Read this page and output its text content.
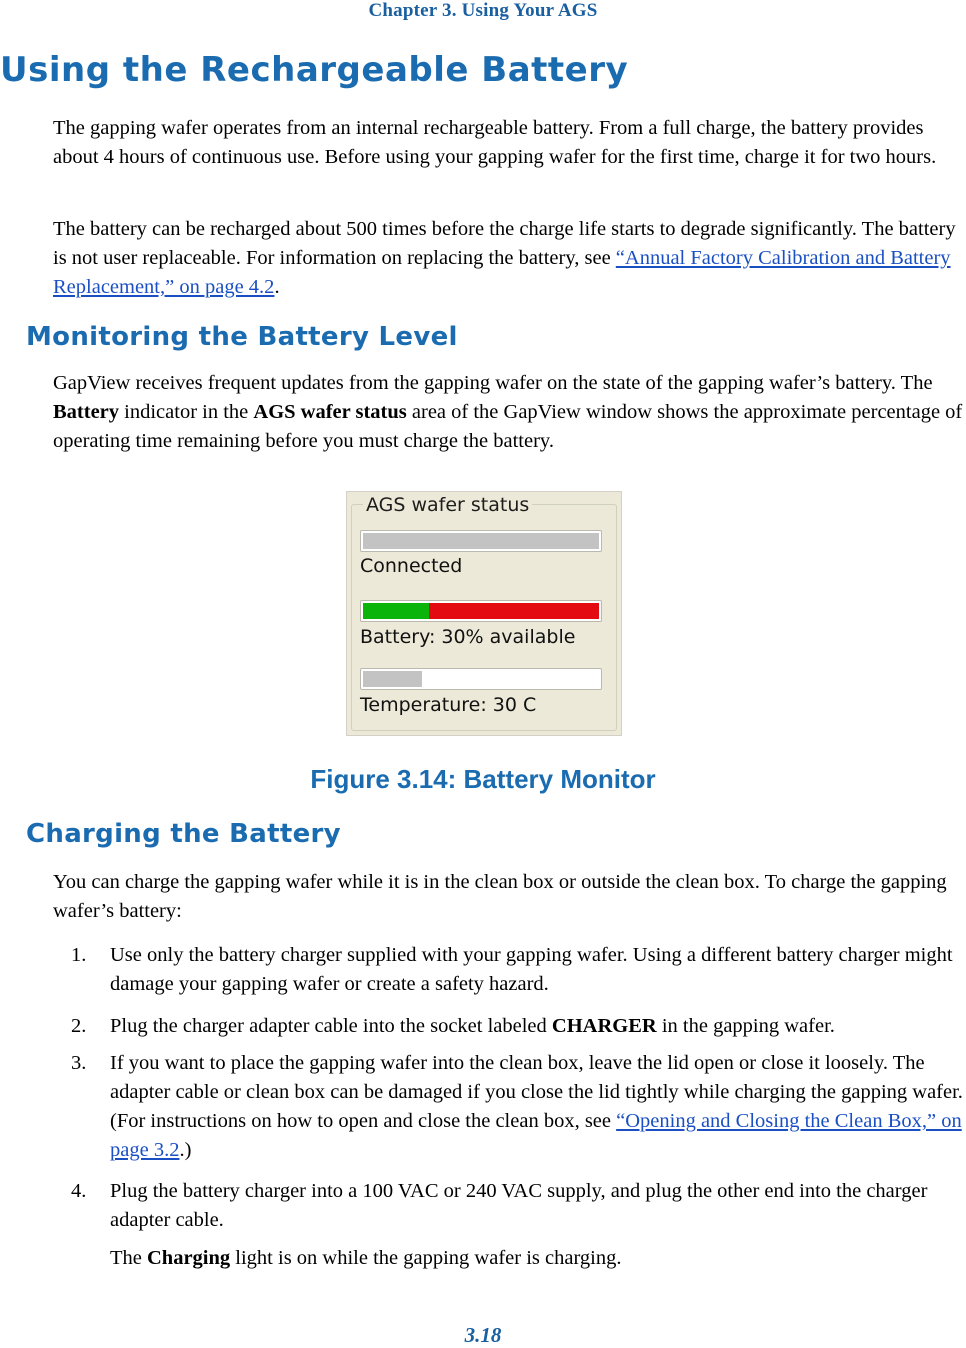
Chapter 3. Using Your AGS
Using the Rechargeable Battery

The gapping wafer operates from an internal rechargeable battery. From a full charge, the battery provides about 4 hours of continuous use. Before using your gapping wafer for the first time, charge it for two hours.

The battery can be recharged about 500 times before the charge life starts to degrade significantly. The battery is not user replaceable. For information on replacing the battery, see “Annual Factory Calibration and Battery Replacement,” on page 4.2.

Monitoring the Battery Level

GapView receives frequent updates from the gapping wafer on the state of the gapping wafer’s battery. The Battery indicator in the AGS wafer status area of the GapView window shows the approximate percentage of operating time remaining before you must charge the battery.

AGS wafer status
Connected
Battery: 30% available
Temperature: 30 C
Figure 3.14: Battery Monitor
Charging the Battery

You can charge the gapping wafer while it is in the clean box or outside the clean box. To charge the gapping wafer’s battery:

1. Use only the battery charger supplied with your gapping wafer. Using a different battery charger might damage your gapping wafer or create a safety hazard.
2. Plug the charger adapter cable into the socket labeled CHARGER in the gapping wafer.
3. If you want to place the gapping wafer into the clean box, leave the lid open or close it loosely. The adapter cable or clean box can be damaged if you close the lid tightly while charging the gapping wafer. (For instructions on how to open and close the clean box, see “Opening and Closing the Clean Box,” on page 3.2.)
4. Plug the battery charger into a 100 VAC or 240 VAC supply, and plug the other end into the charger adapter cable.

The Charging light is on while the gapping wafer is charging.

3.18
